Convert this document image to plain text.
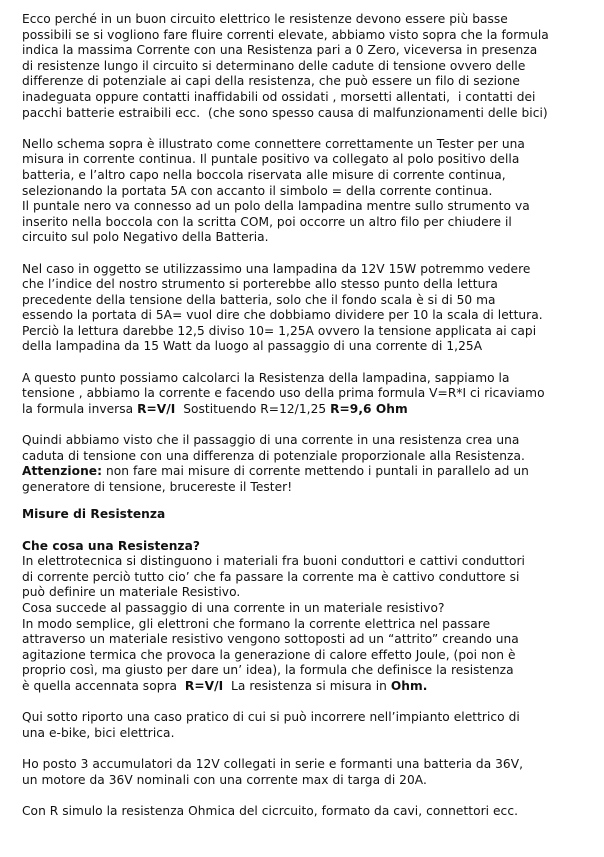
Ecco perché in un buon circuito elettrico le resistenze devono essere più basse
possibili se si vogliono fare fluire correnti elevate, abbiamo visto sopra che la formula
indica la massima Corrente con una Resistenza pari a 0 Zero, viceversa in presenza
di resistenze lungo il circuito si determinano delle cadute di tensione ovvero delle
differenze di potenziale ai capi della resistenza, che può essere un filo di sezione
inadeguata oppure contatti inaffidabili od ossidati , morsetti allentati,  i contatti dei
pacchi batterie estraibili ecc.  (che sono spesso causa di malfunzionamenti delle bici)
Nello schema sopra è illustrato come connettere correttamente un Tester per una
misura in corrente continua. Il puntale positivo va collegato al polo positivo della
batteria, e l’altro capo nella boccola riservata alle misure di corrente continua,
selezionando la portata 5A con accanto il simbolo = della corrente continua.
Il puntale nero va connesso ad un polo della lampadina mentre sullo strumento va
inserito nella boccola con la scritta COM, poi occorre un altro filo per chiudere il
circuito sul polo Negativo della Batteria.
Nel caso in oggetto se utilizzassimo una lampadina da 12V 15W potremmo vedere
che l’indice del nostro strumento si porterebbe allo stesso punto della lettura
precedente della tensione della batteria, solo che il fondo scala è si di 50 ma
essendo la portata di 5A= vuol dire che dobbiamo dividere per 10 la scala di lettura.
Perciò la lettura darebbe 12,5 diviso 10= 1,25A ovvero la tensione applicata ai capi
della lampadina da 15 Watt da luogo al passaggio di una corrente di 1,25A
A questo punto possiamo calcolarci la Resistenza della lampadina, sappiamo la
tensione , abbiamo la corrente e facendo uso della prima formula V=R*I ci ricaviamo
la formula inversa R=V/I  Sostituendo R=12/1,25 R=9,6 Ohm
Quindi abbiamo visto che il passaggio di una corrente in una resistenza crea una
caduta di tensione con una differenza di potenziale proporzionale alla Resistenza.
Attenzione: non fare mai misure di corrente mettendo i puntali in parallelo ad un
generatore di tensione, brucereste il Tester!
Misure di Resistenza
Che cosa una Resistenza?
In elettrotecnica si distinguono i materiali fra buoni conduttori e cattivi conduttori
di corrente perciò tutto cio’ che fa passare la corrente ma è cattivo conduttore si
può definire un materiale Resistivo.
Cosa succede al passaggio di una corrente in un materiale resistivo?
In modo semplice, gli elettroni che formano la corrente elettrica nel passare
attraverso un materiale resistivo vengono sottoposti ad un “attrito” creando una
agitazione termica che provoca la generazione di calore effetto Joule, (poi non è
proprio così, ma giusto per dare un’ idea), la formula che definisce la resistenza
è quella accennata sopra  R=V/I  La resistenza si misura in Ohm.
Qui sotto riporto una caso pratico di cui si può incorrere nell’impianto elettrico di
una e-bike, bici elettrica.
Ho posto 3 accumulatori da 12V collegati in serie e formanti una batteria da 36V,
un motore da 36V nominali con una corrente max di targa di 20A.
Con R simulo la resistenza Ohmica del cicrcuito, formato da cavi, connettori ecc.
